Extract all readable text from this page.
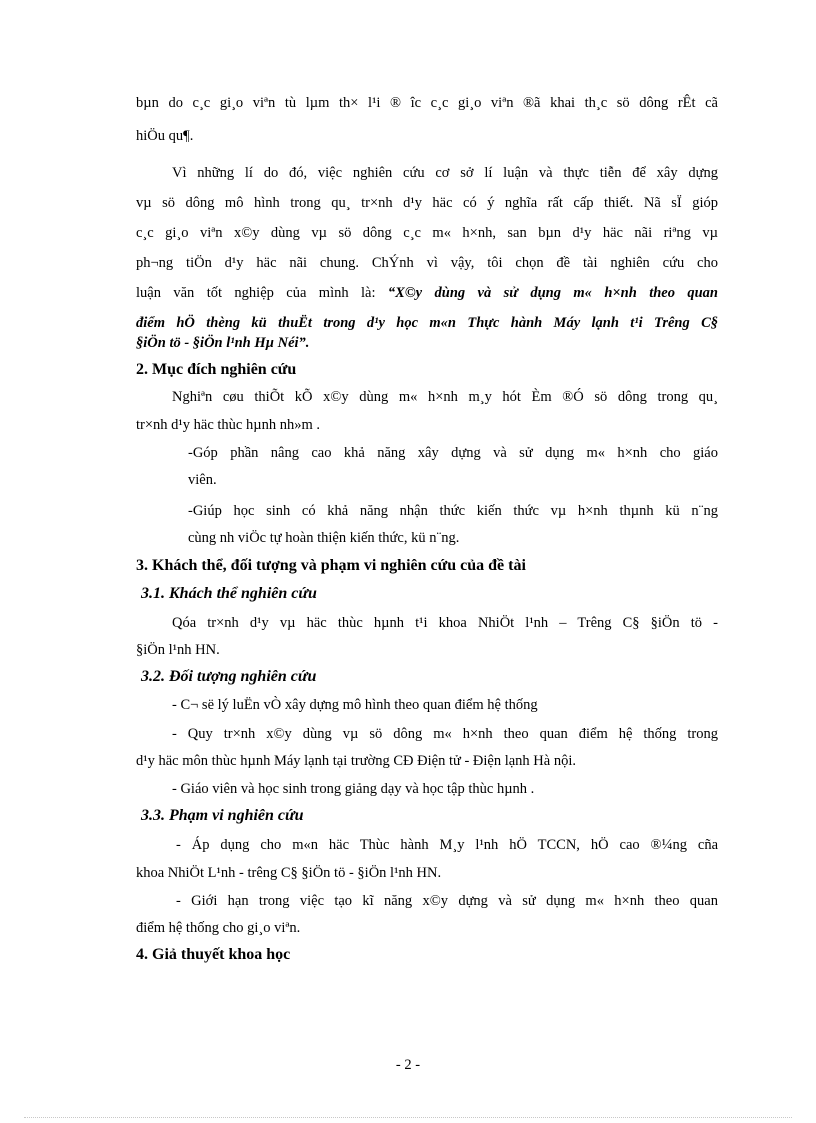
bµn do c¸c gi¸o viªn tù lµm th× l¹i ® îc c¸c gi¸o viªn ®ã khai th¸c sö dông rÊt cã

hiÖu qu¶.

Vì những lí do đó, việc nghiên cứu cơ sở lí luận và thực tiễn để xây dựng

vµ sö dông mô hình trong qu¸ tr×nh d¹y häc có ý nghĩa rất cấp thiết. Nã sÏ gióp

c¸c gi¸o viªn x©y dùng vµ sö dông c¸c m« h×nh, san bµn d¹y häc nãi riªng vµ

ph¬ng tiÖn d¹y häc nãi chung. ChÝnh vì vậy, tôi chọn đề tài nghiên cứu cho

luận văn tốt nghiệp của mình là: “X©y dùng và sử dụng m« h×nh theo quan

điểm hÖ thèng kü thuËt trong d¹y học m«n Thực hành Máy lạnh t¹i Trêng C§

§iÖn tö - §iÖn l¹nh Hµ Néi”.

2. Mục đích nghiên cứu

Nghiªn cøu thiÕt kÕ x©y dùng m« h×nh m¸y hót Èm ®Ó sö dông trong qu¸

tr×nh d¹y häc thùc hµnh nh»m .

-Góp phần nâng cao khả năng xây dựng và sử dụng m« h×nh cho giáo

viên.

-Giúp học sinh có khả năng nhận thức kiến thức vµ h×nh thµnh kü n¨ng

cùng nh viÖc tự hoàn thiện kiến thức, kü n¨ng.

3. Khách thể, đối tượng và phạm vi nghiên cứu của đề tài

3.1. Khách thể nghiên cứu

Qóa tr×nh d¹y vµ häc thùc hµnh t¹i khoa NhiÖt l¹nh – Trêng C§ §iÖn tö -

§iÖn l¹nh HN.

3.2. Đối tượng nghiên cứu

- C¬ së lý luËn vÒ xây dựng mô hình theo quan điểm hệ thống

- Quy tr×nh x©y dùng vµ sö dông m« h×nh theo quan điểm hệ thống trong

d¹y häc môn thùc hµnh Máy lạnh tại trường CĐ Điện tử - Điện lạnh Hà nội.

- Giáo viên và học sinh trong giảng dạy và học tập thùc hµnh .

3.3. Phạm vi nghiên cứu

- Áp dụng cho m«n häc Thùc hành M¸y l¹nh hÖ TCCN, hÖ cao ®¼ng cña

khoa NhiÖt L¹nh - trêng C§ §iÖn tö - §iÖn l¹nh HN.

- Giới hạn trong việc tạo kĩ năng x©y dựng và sử dụng m« h×nh theo quan

điểm hệ thống cho gi¸o viªn.

4. Giả thuyết khoa học

- 2 -
